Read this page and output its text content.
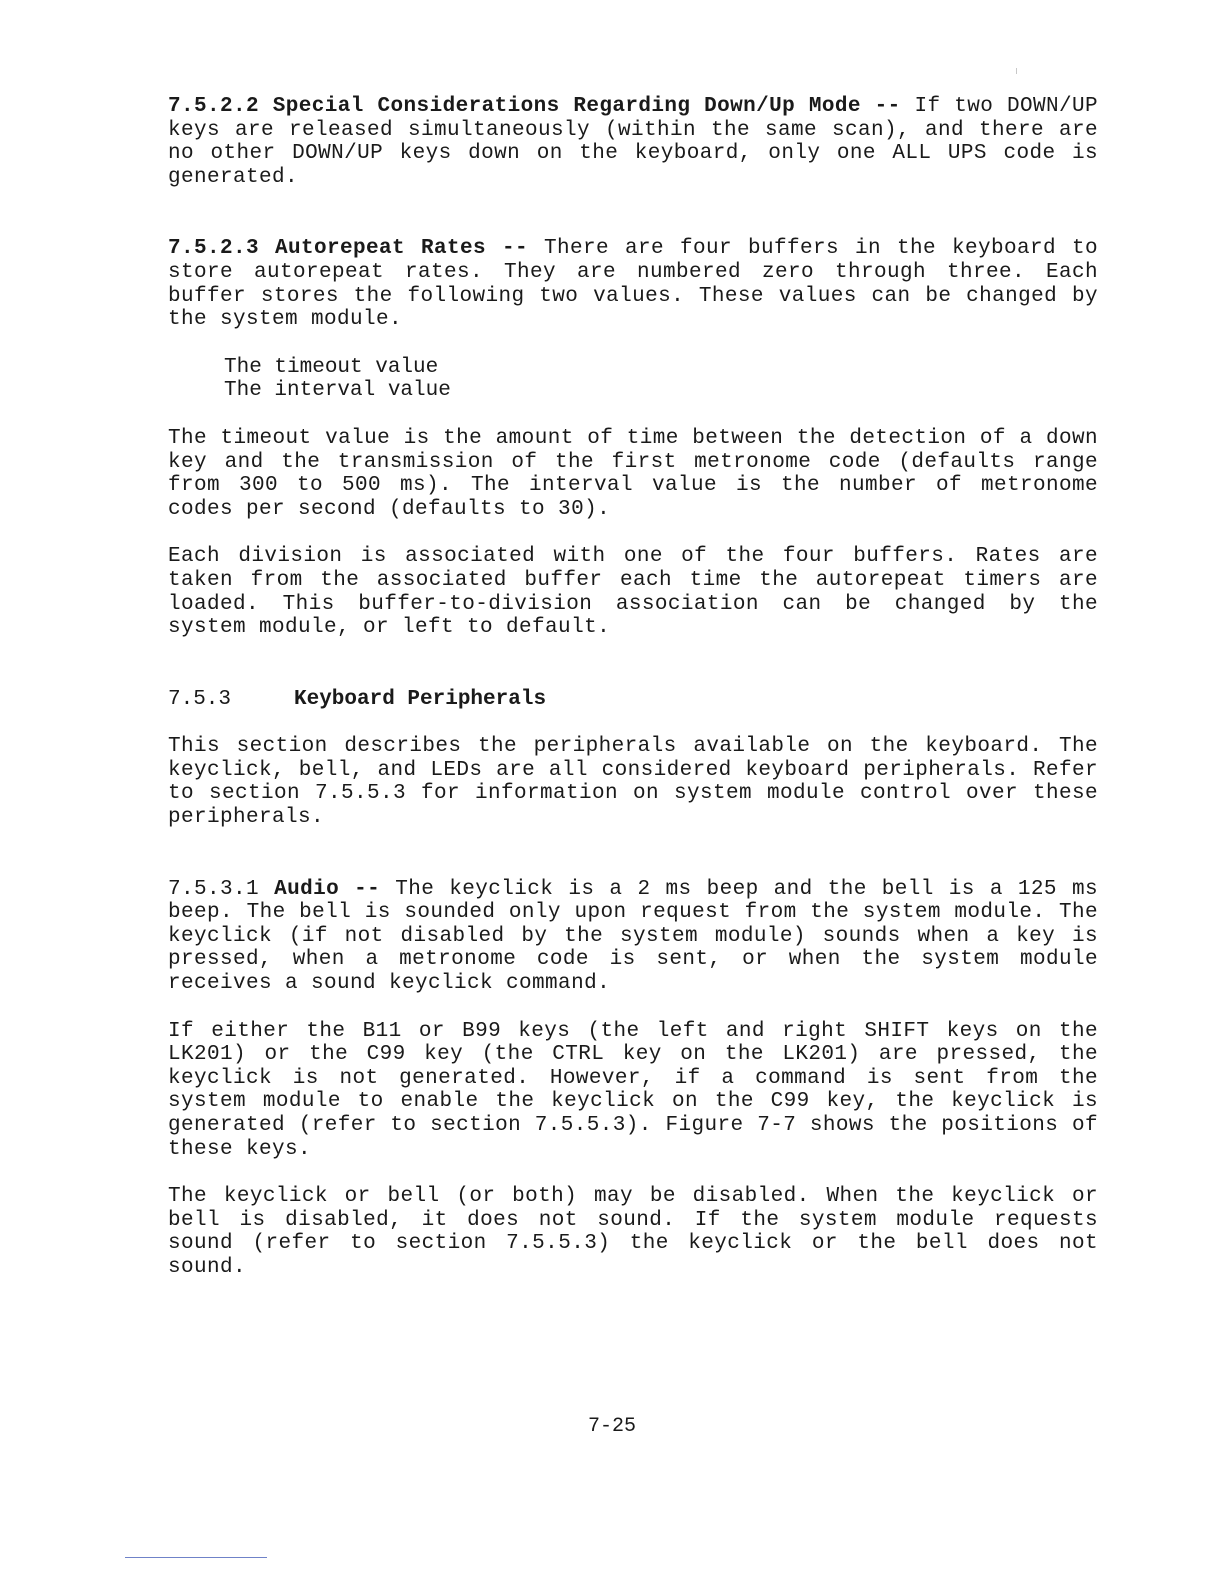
7.5.2.2 Special Considerations Regarding Down/Up Mode -- If two DOWN/UP keys are released simultaneously (within the same scan), and there are no other DOWN/UP keys down on the keyboard, only one ALL UPS code is generated.

7.5.2.3 Autorepeat Rates -- There are four buffers in the keyboard to store autorepeat rates. They are numbered zero through three. Each buffer stores the following two values. These values can be changed by the system module.

The timeout value
The interval value

The timeout value is the amount of time between the detection of a down key and the transmission of the first metronome code (defaults range from 300 to 500 ms). The interval value is the number of metronome codes per second (defaults to 30).

Each division is associated with one of the four buffers. Rates are taken from the associated buffer each time the autorepeat timers are loaded. This buffer-to-division association can be changed by the system module, or left to default.

7.5.3	Keyboard Peripherals

This section describes the peripherals available on the keyboard. The keyclick, bell, and LEDs are all considered keyboard peripherals. Refer to section 7.5.5.3 for information on system module control over these peripherals.

7.5.3.1 Audio -- The keyclick is a 2 ms beep and the bell is a 125 ms beep. The bell is sounded only upon request from the system module. The keyclick (if not disabled by the system module) sounds when a key is pressed, when a metronome code is sent, or when the system module receives a sound keyclick command.

If either the B11 or B99 keys (the left and right SHIFT keys on the LK201) or the C99 key (the CTRL key on the LK201) are pressed, the keyclick is not generated. However, if a command is sent from the system module to enable the keyclick on the C99 key, the keyclick is generated (refer to section 7.5.5.3). Figure 7-7 shows the positions of these keys.

The keyclick or bell (or both) may be disabled. When the keyclick or bell is disabled, it does not sound. If the system module requests sound (refer to section 7.5.5.3) the keyclick or the bell does not sound.

7-25
